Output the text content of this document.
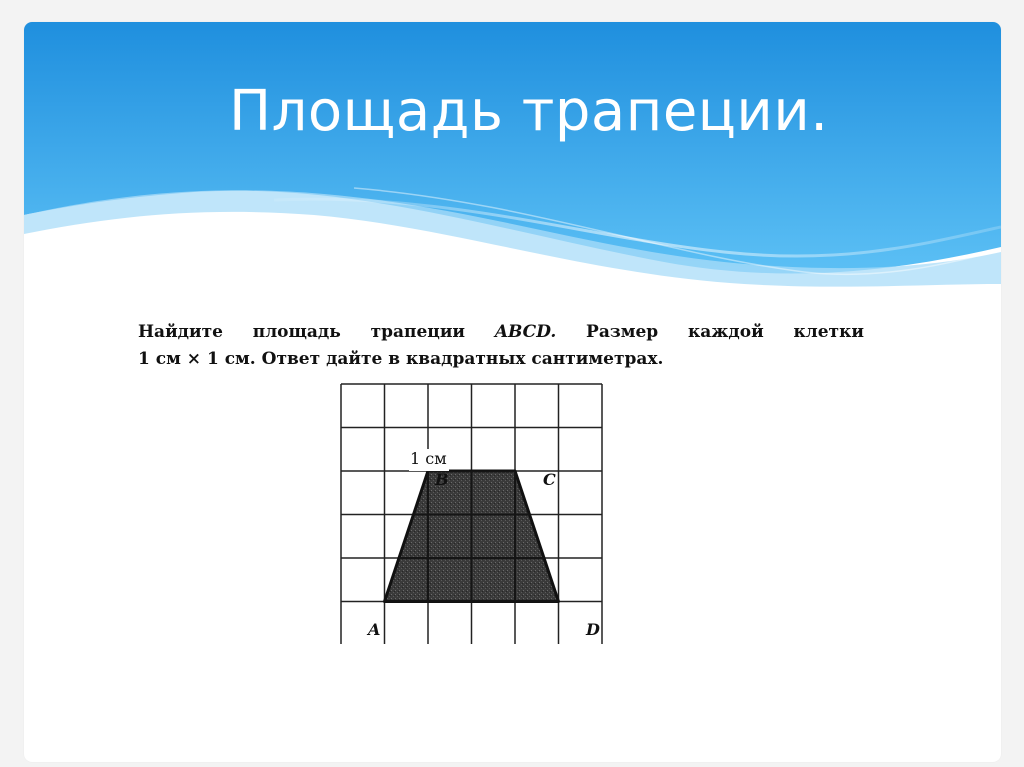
Площадь трапеции.
Найдите площадь трапеции ABCD. Размер каждой клетки
1 см × 1 см. Ответ дайте в квадратных сантиметрах.
1 см
B	C
A	D
